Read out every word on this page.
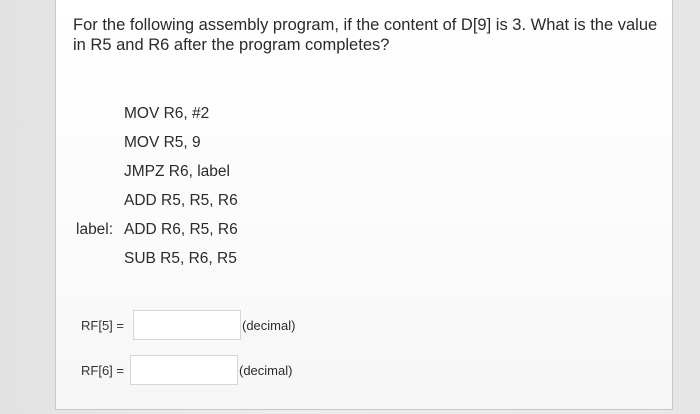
For the following assembly program, if the content of D[9] is 3. What is the value in R5 and R6 after the program completes?

MOV R6, #2
MOV R5, 9
JMPZ R6, label
ADD R5, R5, R6
label: ADD R6, R5, R6
SUB R5, R6, R5
RF[5] =	(decimal)
RF[6] =	(decimal)
